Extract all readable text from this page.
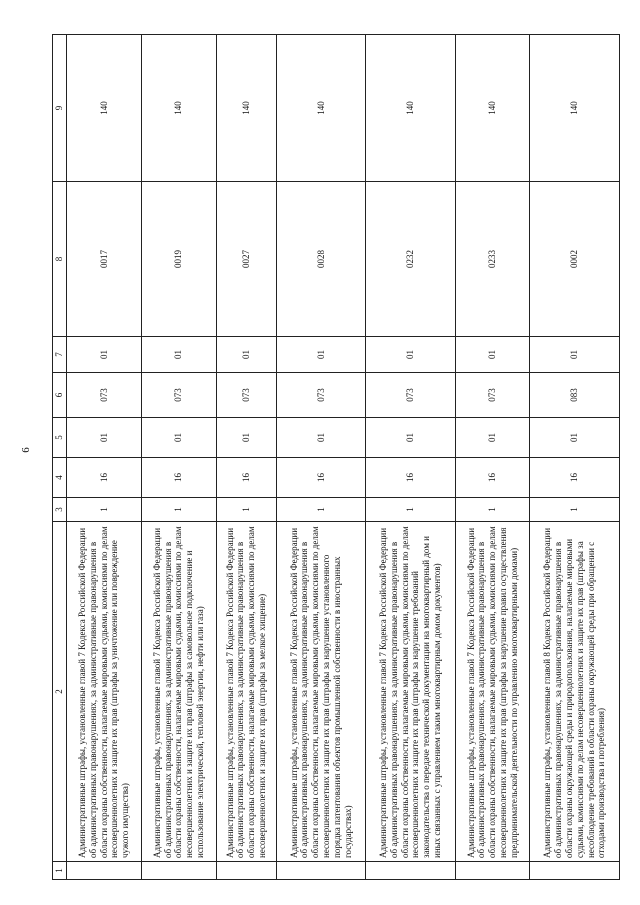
6
1	2	3	4	5	6	7	8	9
	Административные штрафы, установленные главой 7 Кодекса Российской Федерации об административных правонарушениях, за административные правонарушения в области охраны собственности, налагаемые мировыми судьями, комиссиями по делам несовершеннолетних и защите их прав (штрафы за уничтожение или повреждение чужого имущества)	1	16	01	073	01	0017	140
	Административные штрафы, установленные главой 7 Кодекса Российской Федерации об административных правонарушениях, за административные правонарушения в области охраны собственности, налагаемые мировыми судьями, комиссиями по делам несовершеннолетних и защите их прав (штрафы за самовольное подключение и использование электрической, тепловой энергии, нефти или газа)	1	16	01	073	01	0019	140
	Административные штрафы, установленные главой 7 Кодекса Российской Федерации об административных правонарушениях, за административные правонарушения в области охраны собственности, налагаемые мировыми судьями, комиссиями по делам несовершеннолетних и защите их прав (штрафы за мелкое хищение)	1	16	01	073	01	0027	140
	Административные штрафы, установленные главой 7 Кодекса Российской Федерации об административных правонарушениях, за административные правонарушения в области охраны собственности, налагаемые мировыми судьями, комиссиями по делам несовершеннолетних и защите их прав (штрафы за нарушение установленного порядка патентования объектов промышленной собственности в иностранных государствах)	1	16	01	073	01	0028	140
	Административные штрафы, установленные главой 7 Кодекса Российской Федерации об административных правонарушениях, за административные правонарушения в области охраны собственности, налагаемые мировыми судьями, комиссиями по делам несовершеннолетних и защите их прав (штрафы за нарушение требований законодательства о передаче технической документации на многоквартирный дом и иных связанных с управлением таким многоквартирным домом документов)	1	16	01	073	01	0232	140
	Административные штрафы, установленные главой 7 Кодекса Российской Федерации об административных правонарушениях, за административные правонарушения в области охраны собственности, налагаемые мировыми судьями, комиссиями по делам несовершеннолетних и защите их прав (штрафы за нарушение правил осуществления предпринимательской деятельности по управлению многоквартирными домами)	1	16	01	073	01	0233	140
	Административные штрафы, установленные главой 8 Кодекса Российской Федерации об административных правонарушениях, за административные правонарушения в области охраны окружающей среды и природопользования, налагаемые мировыми судьями, комиссиями по делам несовершеннолетних и защите их прав (штрафы за несоблюдение требований в области охраны окружающей среды при обращении с отходами производства и потребления)	1	16	01	083	01	0002	140
